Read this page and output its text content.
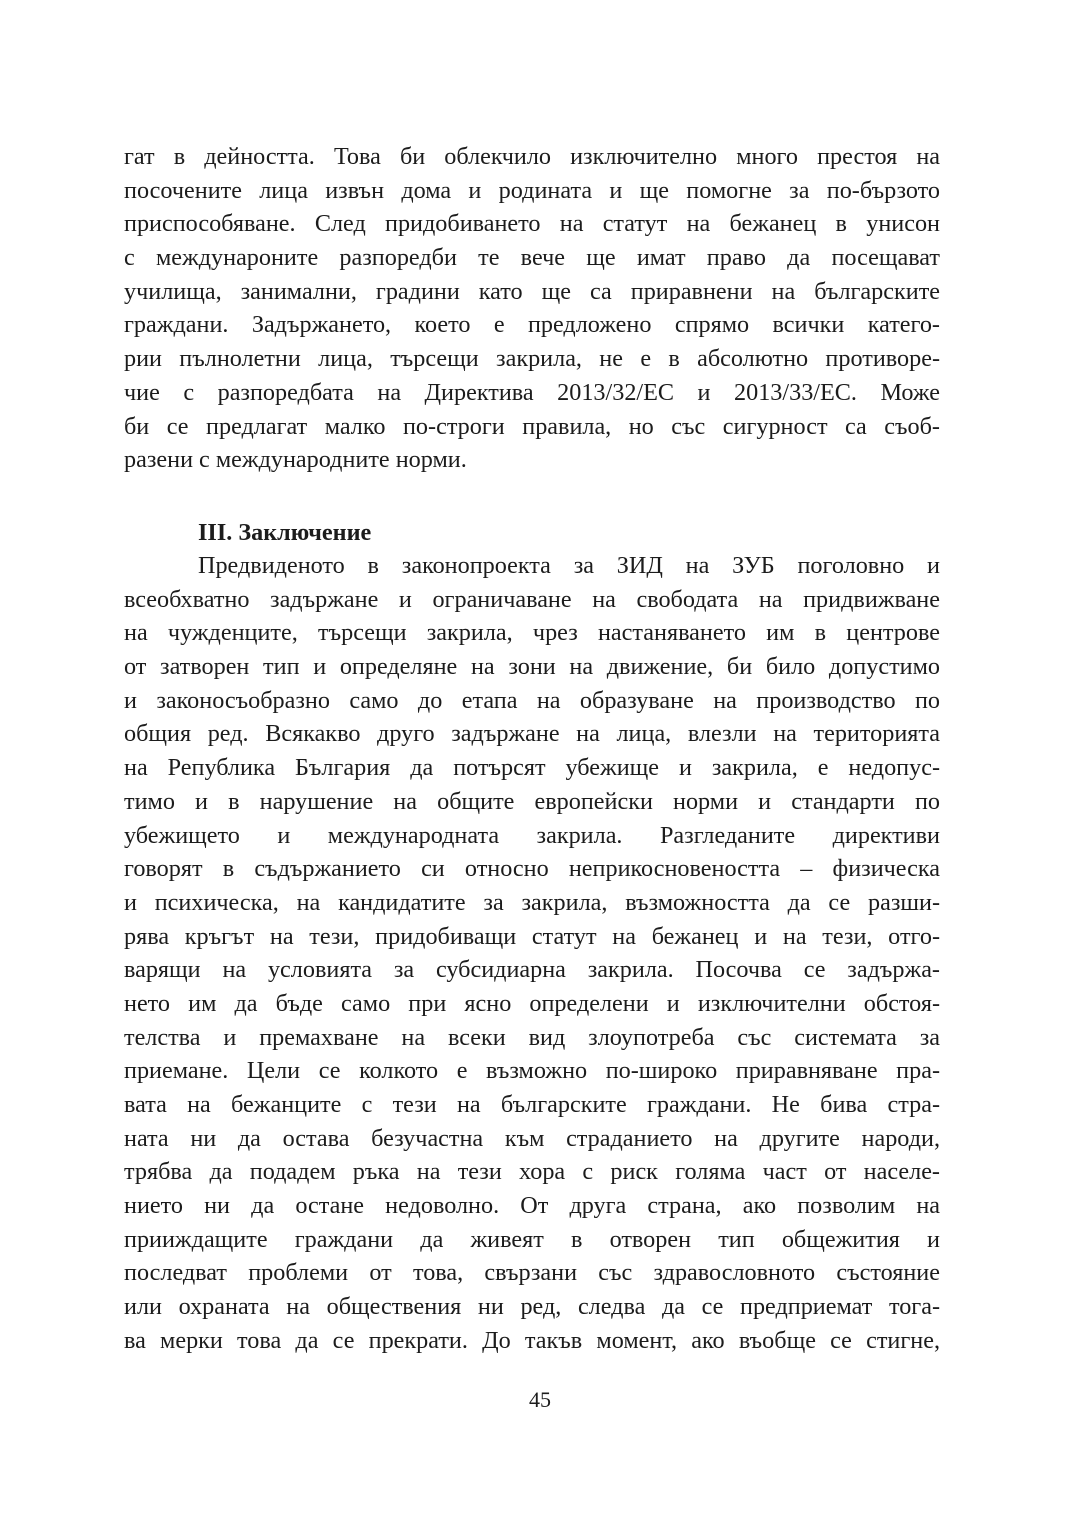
гат в дейността. Това би облекчило изключително много престоя на
посочените лица извън дома и родината и ще помогне за по-бързото
приспособяване. След придобиването на статут на бежанец в унисон
с междунароните разпоредби те вече ще имат право да посещават
училища, занимални, градини като ще са приравнени на българските
граждани. Задържането, което е предложено спрямо всички катего-
рии пълнолетни лица, търсещи закрила, не е в абсолютно противоре-
чие с разпоредбата на Директива 2013/32/ЕС и 2013/33/ЕС. Може
би се предлагат малко по-строги правила, но със сигурност са съоб-
разени с международните норми.
III. Заключение
Предвиденото в законопроекта за ЗИД на ЗУБ поголовно и
всеобхватно задържане и ограничаване на свободата на придвижване
на чужденците, търсещи закрила, чрез настаняването им в центрове
от затворен тип и определяне на зони на движение, би било допустимо
и законосъобразно само до етапа на образуване на производство по
общия ред. Всякакво друго задържане на лица, влезли на територията
на Република България да потърсят убежище и закрила, е недопус-
тимо и в нарушение на общите европейски норми и стандарти по
убежището и международната закрила. Разгледаните директиви
говорят в съдържанието си относно неприкосновеността – физическа
и психическа, на кандидатите за закрила, възможността да се разши-
рява кръгът на тези, придобиващи статут на бежанец и на тези, отго-
варящи на условията за субсидиарна закрила. Посочва се задържа-
нето им да бъде само при ясно определени и изключителни обстоя-
телства и премахване на всеки вид злоупотреба със системата за
приемане. Цели се колкото е възможно по-широко приравняване пра-
вата на бежанците с тези на българските граждани. Не бива стра-
ната ни да остава безучастна към страданието на другите народи,
трябва да подадем ръка на тези хора с риск голяма част от населе-
нието ни да остане недоволно. От друга страна, ако позволим на
прииждащите граждани да живеят в отворен тип общежития и
последват проблеми от това, свързани със здравословното състояние
или охраната на обществения ни ред, следва да се предприемат тога-
ва мерки това да се прекрати. До такъв момент, ако въобще се стигне,
45
